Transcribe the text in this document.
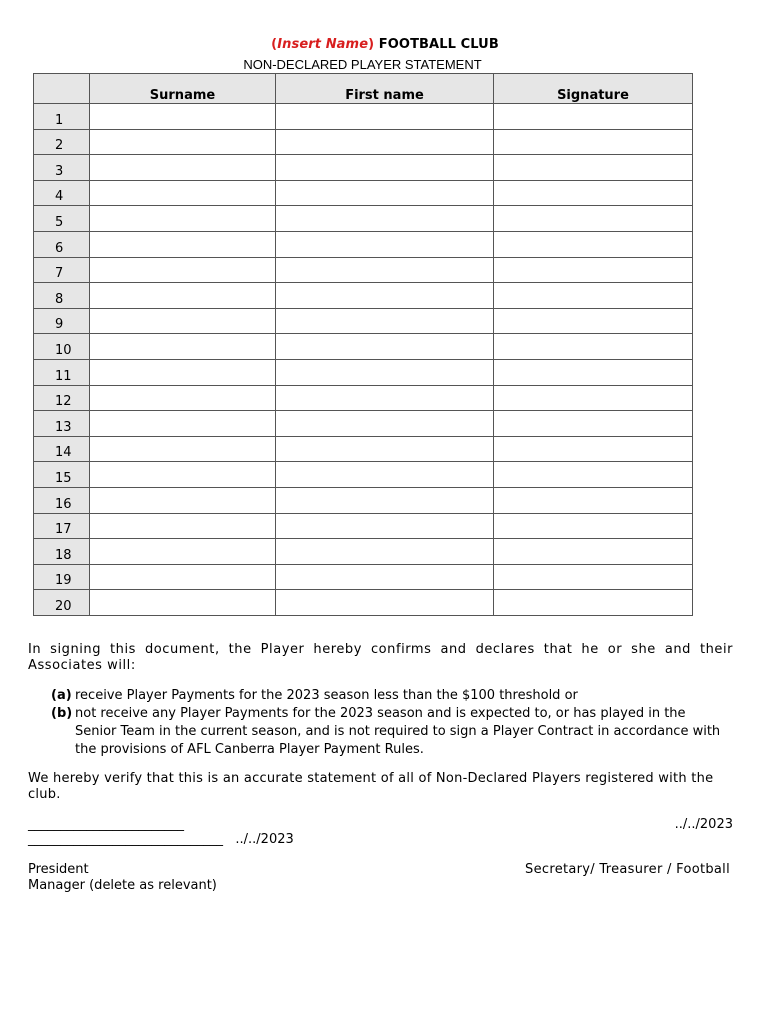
(Insert Name) FOOTBALL CLUB
NON-DECLARED PLAYER STATEMENT
	Surname	First name	Signature
1			
2			
3			
4			
5			
6			
7			
8			
9			
10			
11			
12			
13			
14			
15			
16			
17			
18			
19			
20			
In signing this document, the Player hereby confirms and declares that he or she and their Associates will:
(a) receive Player Payments for the 2023 season less than the $100 threshold or
(b) not receive any Player Payments for the 2023 season and is expected to, or has played in the Senior Team in the current season, and is not required to sign a Player Contract in accordance with the provisions of AFL Canberra Player Payment Rules.
We hereby verify that this is an accurate statement of all of Non-Declared Players registered with the club.
________________________	../../2023
______________________________   ../../2023
President	Secretary/ Treasurer / Football
Manager (delete as relevant)
